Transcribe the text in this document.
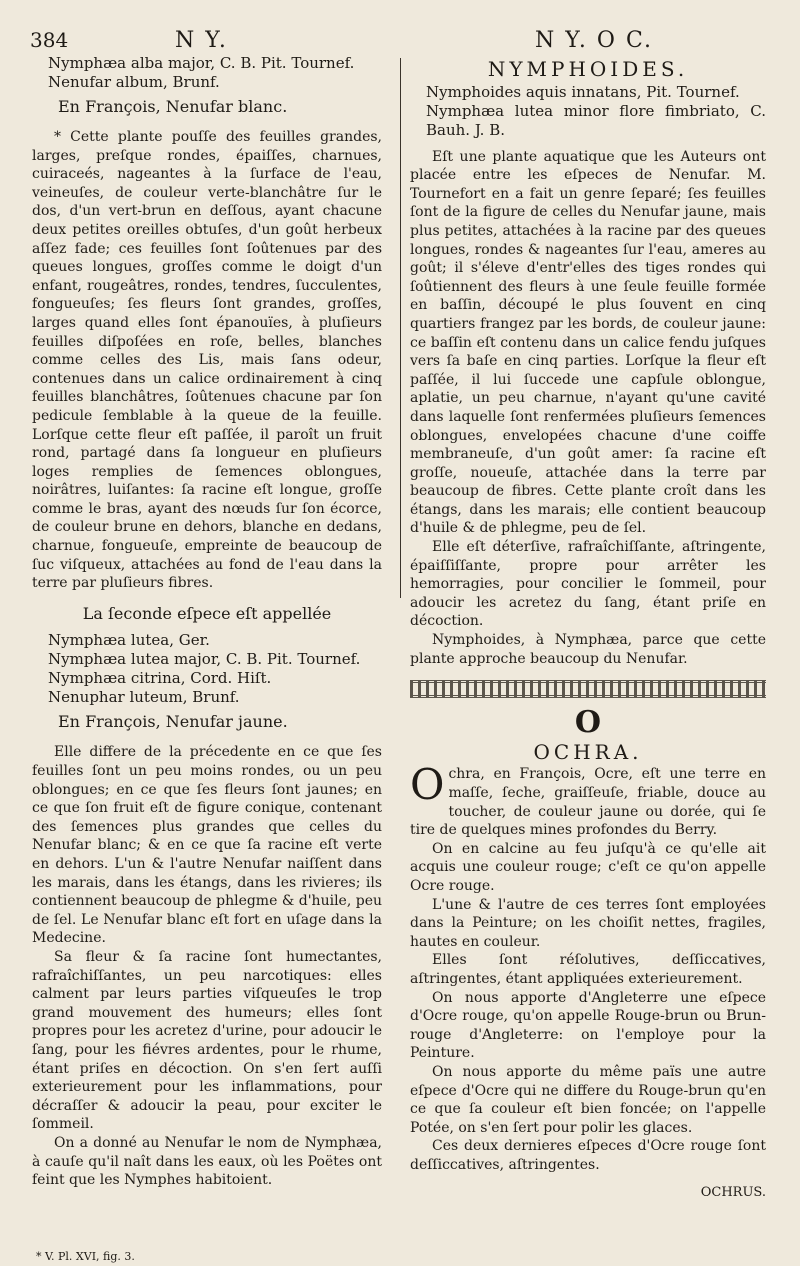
384	N Y.	N Y. O C.

Nymphæa alba major, C. B. Pit. Tournef.

Nenufar album, Brunf.

En François, Nenufar blanc.

* Cette plante pouſſe des feuilles grandes, larges, preſque rondes, épaiſſes, charnues, cuiraceés, nageantes à la ſurface de l'eau, veineuſes, de couleur verte-blanchâtre ſur le dos, d'un vert-brun en deſſous, ayant chacune deux petites oreilles obtuſes, d'un goût herbeux aſſez fade; ces feuilles ſont ſoûtenues par des queues longues, groſſes comme le doigt d'un enfant, rougeâtres, rondes, tendres, ſucculentes, fongueuſes; ſes fleurs ſont grandes, groſſes, larges quand elles ſont épanouïes, à pluſieurs feuilles diſpoſées en roſe, belles, blanches comme celles des Lis, mais ſans odeur, contenues dans un calice ordinairement à cinq feuilles blanchâtres, ſoûtenues chacune par ſon pedicule ſemblable à la queue de la feuille. Lorſque cette fleur eſt paſſée, il paroît un fruit rond, partagé dans ſa longueur en pluſieurs loges remplies de ſemences oblongues, noirâtres, luiſantes: ſa racine eſt longue, groſſe comme le bras, ayant des nœuds ſur ſon écorce, de couleur brune en dehors, blanche en dedans, charnue, fongueuſe, empreinte de beaucoup de ſuc viſqueux, attachées au fond de l'eau dans la terre par pluſieurs fibres.

La ſeconde eſpece eſt appellée

Nymphæa lutea, Ger.

Nymphæa lutea major, C. B. Pit. Tournef.

Nymphæa citrina, Cord. Hiſt.

Nenuphar luteum, Brunf.

En François, Nenufar jaune.

Elle differe de la précedente en ce que ſes feuilles ſont un peu moins rondes, ou un peu oblongues; en ce que ſes fleurs ſont jaunes; en ce que ſon fruit eſt de figure conique, contenant des ſemences plus grandes que celles du Nenufar blanc; & en ce que ſa racine eſt verte en dehors. L'un & l'autre Nenufar naiſſent dans les marais, dans les étangs, dans les rivieres; ils contiennent beaucoup de phlegme & d'huile, peu de ſel. Le Nenufar blanc eſt fort en uſage dans la Medecine.

Sa fleur & ſa racine ſont humectantes, rafraîchiſſantes, un peu narcotiques: elles calment par leurs parties viſqueuſes le trop grand mouvement des humeurs; elles ſont propres pour les acretez d'urine, pour adoucir le ſang, pour les fiévres ardentes, pour le rhume, étant priſes en décoction. On s'en ſert auſſi exterieurement pour les inflammations, pour décraſſer & adoucir la peau, pour exciter le ſommeil.

On a donné au Nenufar le nom de Nymphæa, à cauſe qu'il naît dans les eaux, où les Poëtes ont feint que les Nymphes habitoient.

* V. Pl. XVI, fig. 3.

NYMPHOIDES.

Nymphoides aquis innatans, Pit. Tournef.

Nymphæa lutea minor flore fimbriato, C. Bauh. J. B.

Eſt une plante aquatique que les Auteurs ont placée entre les eſpeces de Nenufar. M. Tournefort en a fait un genre ſeparé; ſes feuilles ſont de la figure de celles du Nenufar jaune, mais plus petites, attachées à la racine par des queues longues, rondes & nageantes ſur l'eau, ameres au goût; il s'éleve d'entr'elles des tiges rondes qui ſoûtiennent des fleurs à une ſeule feuille formée en baſſin, découpé le plus ſouvent en cinq quartiers frangez par les bords, de couleur jaune: ce baſſin eſt contenu dans un calice fendu juſques vers ſa baſe en cinq parties. Lorſque la fleur eſt paſſée, il lui ſuccede une capſule oblongue, aplatie, un peu charnue, n'ayant qu'une cavité dans laquelle ſont renfermées pluſieurs ſemences oblongues, envelopées chacune d'une coiffe membraneuſe, d'un goût amer: ſa racine eſt groſſe, noueuſe, attachée dans la terre par beaucoup de fibres. Cette plante croît dans les étangs, dans les marais; elle contient beaucoup d'huile & de phlegme, peu de ſel.

Elle eſt déterſive, rafraîchiſſante, aſtringente, épaiſſiſſante, propre pour arrêter les hemorragies, pour concilier le ſommeil, pour adoucir les acretez du ſang, étant priſe en décoction.

Nymphoides, à Nymphæa, parce que cette plante approche beaucoup du Nenufar.

O

OCHRA.

Ochra, en François, Ocre, eſt une terre en maſſe, ſeche, graiſſeuſe, friable, douce au toucher, de couleur jaune ou dorée, qui ſe tire de quelques mines profondes du Berry.

On en calcine au feu juſqu'à ce qu'elle ait acquis une couleur rouge; c'eſt ce qu'on appelle Ocre rouge.

L'une & l'autre de ces terres ſont employées dans la Peinture; on les choiſit nettes, fragiles, hautes en couleur.

Elles ſont réſolutives, deſſiccatives, aſtringentes, étant appliquées exterieurement.

On nous apporte d'Angleterre une eſpece d'Ocre rouge, qu'on appelle Rouge-brun ou Brun-rouge d'Angleterre: on l'employe pour la Peinture.

On nous apporte du même païs une autre eſpece d'Ocre qui ne differe du Rouge-brun qu'en ce que ſa couleur eſt bien foncée; on l'appelle Potée, on s'en ſert pour polir les glaces.

Ces deux dernieres eſpeces d'Ocre rouge ſont deſſiccatives, aſtringentes.

OCHRUS.
